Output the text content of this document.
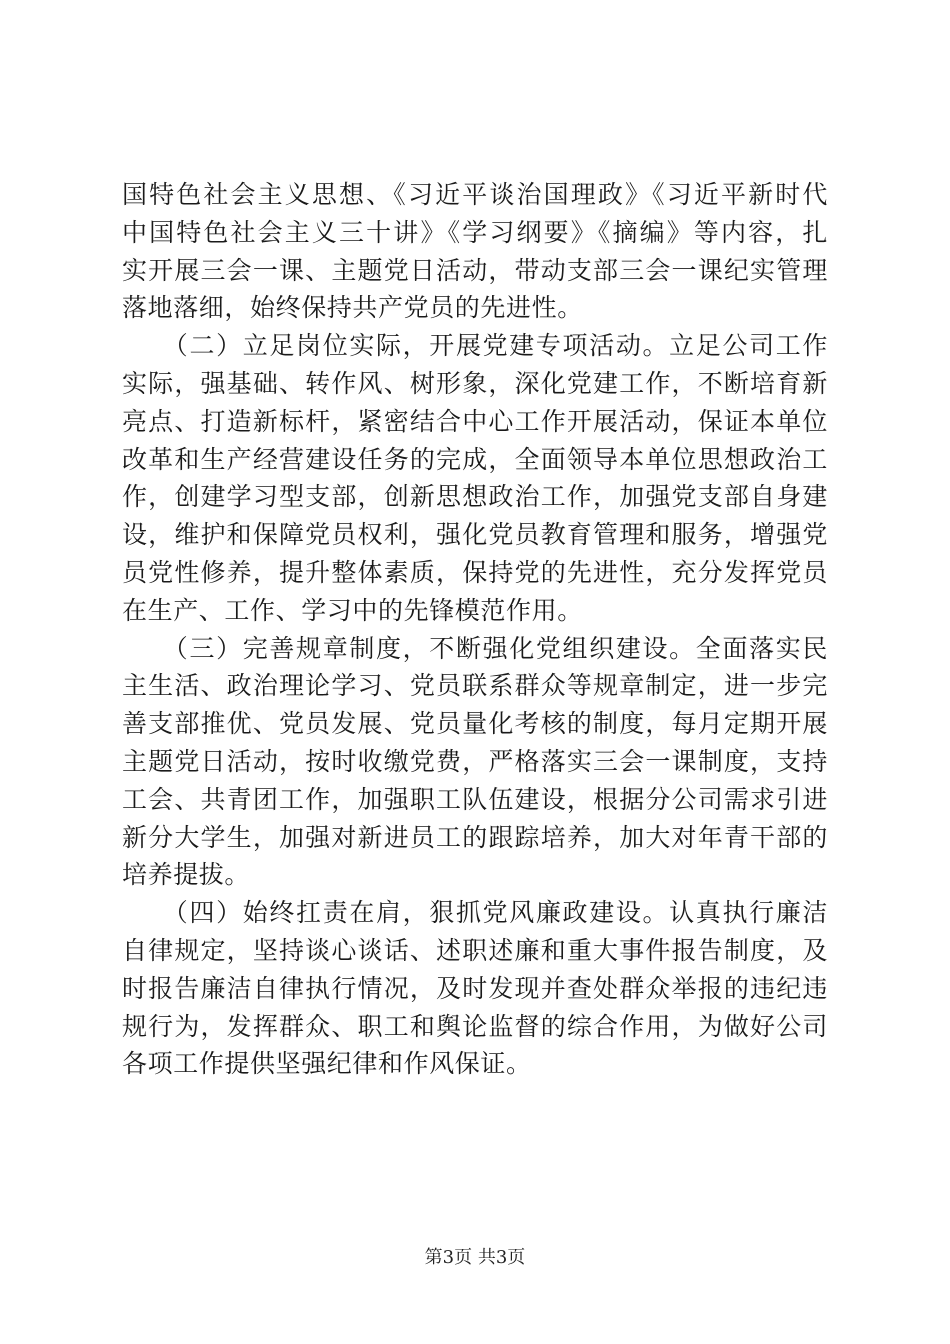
国特色社会主义思想、《习近平谈治国理政》《习近平新时代
中国特色社会主义三十讲》《学习纲要》《摘编》等内容，扎
实开展三会一课、主题党日活动，带动支部三会一课纪实管理
落地落细，始终保持共产党员的先进性。
　　（二）立足岗位实际，开展党建专项活动。立足公司工作
实际，强基础、转作风、树形象，深化党建工作，不断培育新
亮点、打造新标杆，紧密结合中心工作开展活动，保证本单位
改革和生产经营建设任务的完成，全面领导本单位思想政治工
作，创建学习型支部，创新思想政治工作，加强党支部自身建
设，维护和保障党员权利，强化党员教育管理和服务，增强党
员党性修养，提升整体素质，保持党的先进性，充分发挥党员
在生产、工作、学习中的先锋模范作用。
　　（三）完善规章制度，不断强化党组织建设。全面落实民
主生活、政治理论学习、党员联系群众等规章制定，进一步完
善支部推优、党员发展、党员量化考核的制度，每月定期开展
主题党日活动，按时收缴党费，严格落实三会一课制度，支持
工会、共青团工作，加强职工队伍建设，根据分公司需求引进
新分大学生，加强对新进员工的跟踪培养，加大对年青干部的
培养提拔。
　　（四）始终扛责在肩，狠抓党风廉政建设。认真执行廉洁
自律规定，坚持谈心谈话、述职述廉和重大事件报告制度，及
时报告廉洁自律执行情况，及时发现并查处群众举报的违纪违
规行为，发挥群众、职工和舆论监督的综合作用，为做好公司
各项工作提供坚强纪律和作风保证。
第3页 共3页
